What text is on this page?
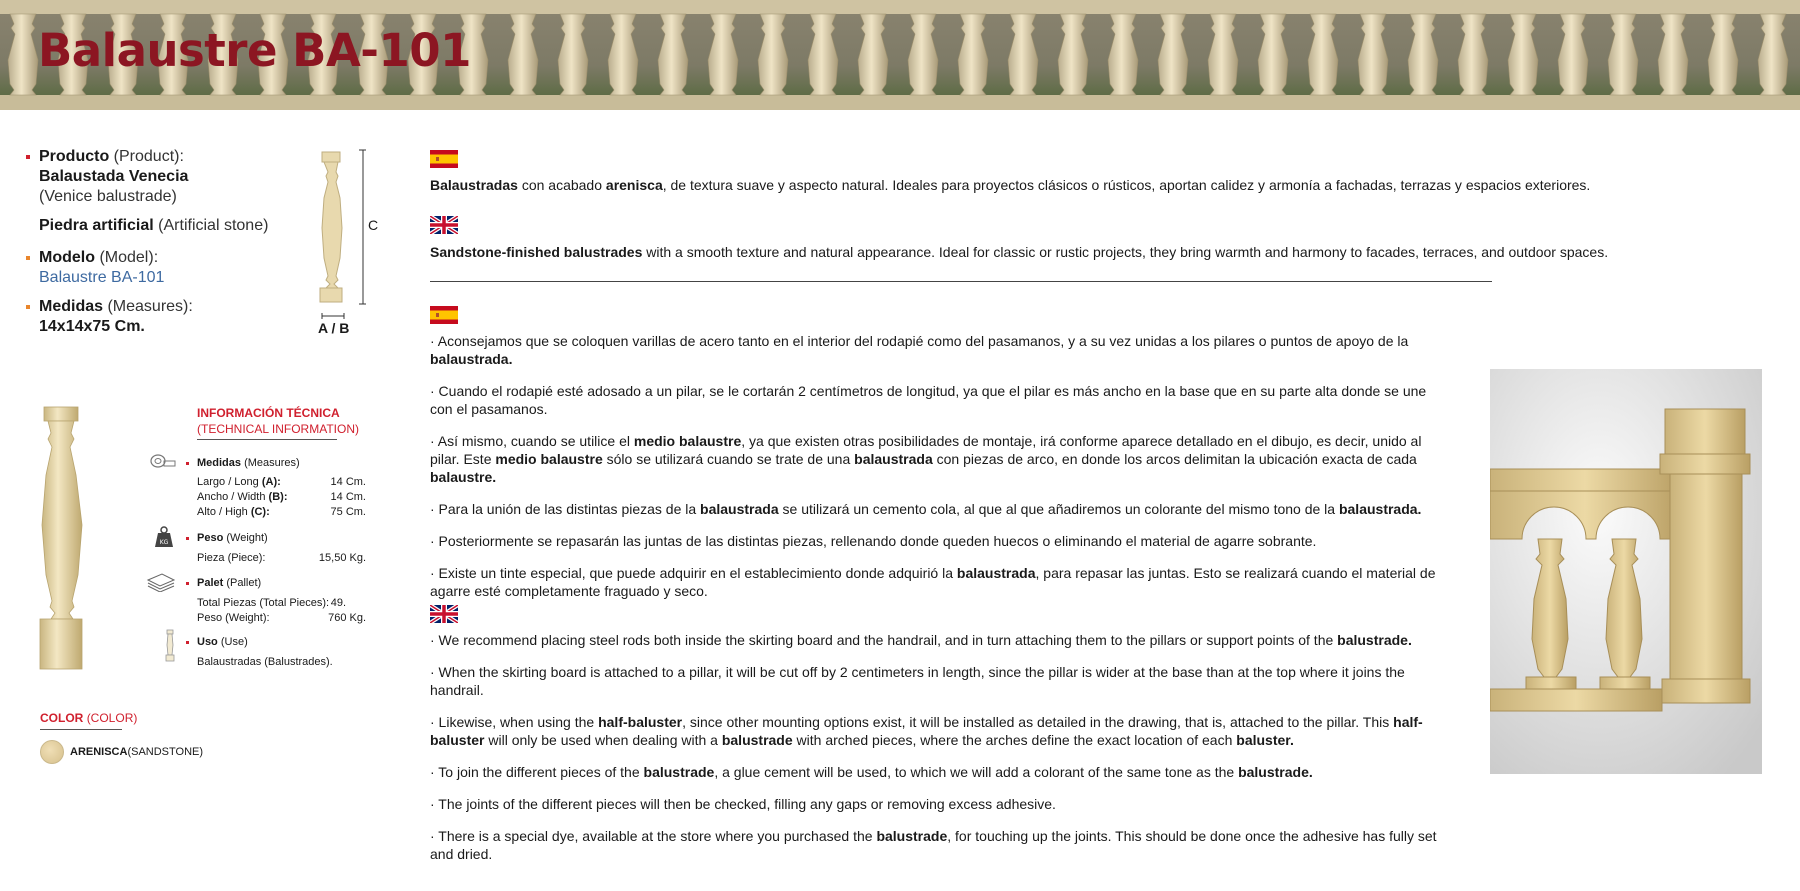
Balaustre BA-101
Producto (Product):
Balaustada Venecia
(Venice balustrade)
Piedra artificial (Artificial stone)
Modelo (Model):
Balaustre BA-101
Medidas (Measures):
14x14x75 Cm.
C
A / B
INFORMACIÓN TÉCNICA
(TECHNICAL INFORMATION)
Medidas (Measures)
Largo / Long (A):	14 Cm.
Ancho / Width (B):	14 Cm.
Alto / High (C):	75 Cm.
KG	Peso (Weight)
Pieza (Piece):	15,50 Kg.
Palet (Pallet)
Total Piezas (Total Pieces): 49.
Peso (Weight):	760 Kg.
Uso (Use)
Balaustradas (Balustrades).
COLOR (COLOR)
ARENISCA(SANDSTONE)
Balaustradas con acabado arenisca, de textura suave y aspecto natural. Ideales para proyectos clásicos o rústicos, aportan calidez y armonía a fachadas, terrazas y espacios exteriores.
Sandstone-finished balustrades with a smooth texture and natural appearance. Ideal for classic or rustic projects, they bring warmth and harmony to facades, terraces, and outdoor spaces.

· Aconsejamos que se coloquen varillas de acero tanto en el interior del rodapié como del pasamanos, y a su vez unidas a los pilares o puntos de apoyo de la balaustrada.

· Cuando el rodapié esté adosado a un pilar, se le cortarán 2 centímetros de longitud, ya que el pilar es más ancho en la base que en su parte alta donde se une con el pasamanos.

· Así mismo, cuando se utilice el medio balaustre, ya que existen otras posibilidades de montaje, irá conforme aparece detallado en el dibujo, es decir, unido al pilar. Este medio balaustre sólo se utilizará cuando se trate de una balaustrada con piezas de arco, en donde los arcos delimitan la ubicación exacta de cada balaustre.

· Para la unión de las distintas piezas de la balaustrada se utilizará un cemento cola, al que al que añadiremos un colorante del mismo tono de la balaustrada.

· Posteriormente se repasarán las juntas de las distintas piezas, rellenando donde queden huecos o eliminando el material de agarre sobrante.

· Existe un tinte especial, que puede adquirir en el establecimiento donde adquirió la balaustrada, para repasar las juntas. Esto se realizará cuando el material de agarre esté completamente fraguado y seco.

· We recommend placing steel rods both inside the skirting board and the handrail, and in turn attaching them to the pillars or support points of the balustrade.

· When the skirting board is attached to a pillar, it will be cut off by 2 centimeters in length, since the pillar is wider at the base than at the top where it joins the handrail.

· Likewise, when using the half-baluster, since other mounting options exist, it will be installed as detailed in the drawing, that is, attached to the pillar. This half-baluster will only be used when dealing with a balustrade with arched pieces, where the arches define the exact location of each baluster.

· To join the different pieces of the balustrade, a glue cement will be used, to which we will add a colorant of the same tone as the balustrade.

· The joints of the different pieces will then be checked, filling any gaps or removing excess adhesive.

· There is a special dye, available at the store where you purchased the balustrade, for touching up the joints. This should be done once the adhesive has fully set and dried.
